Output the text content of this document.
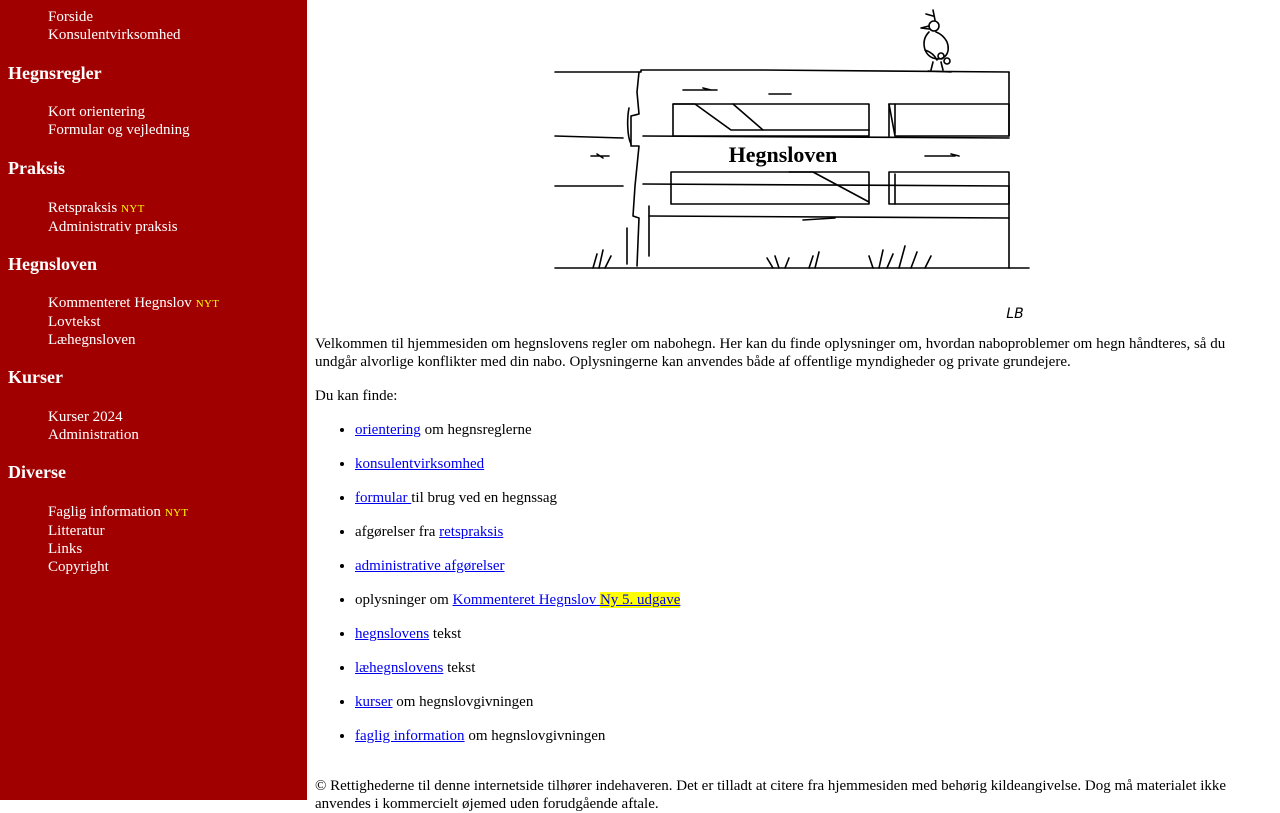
Forside
Konsulentvirksomhed
Hegnsregler
Kort orientering
Formular og vejledning
Praksis
Retspraksis NYT
Administrativ praksis
Hegnsloven
Kommenteret Hegnslov NYT
Lovtekst
Læhegnsloven
Kurser
Kurser 2024
Administration
Diverse
Faglig information NYT
Litteratur
Links
Copyright
Hegnsloven
LB

Velkommen til hjemmesiden om hegnslovens regler om nabohegn. Her kan du finde oplysninger om, hvordan naboproblemer om hegn håndteres, så du undgår alvorlige konflikter med din nabo. Oplysningerne kan anvendes både af offentlige myndigheder og private grundejere.

Du kan finde:

• orientering om hegnsreglerne
• konsulentvirksomhed
• formular til brug ved en hegnssag
• afgørelser fra retspraksis
• administrative afgørelser
• oplysninger om Kommenteret Hegnslov Ny 5. udgave
• hegnslovens tekst
• læhegnslovens tekst
• kurser om hegnslovgivningen
• faglig information om hegnslovgivningen

© Rettighederne til denne internetside tilhører indehaveren. Det er tilladt at citere fra hjemmesiden med behørig kildeangivelse. Dog må materialet ikke anvendes i kommercielt øjemed uden forudgående aftale.
